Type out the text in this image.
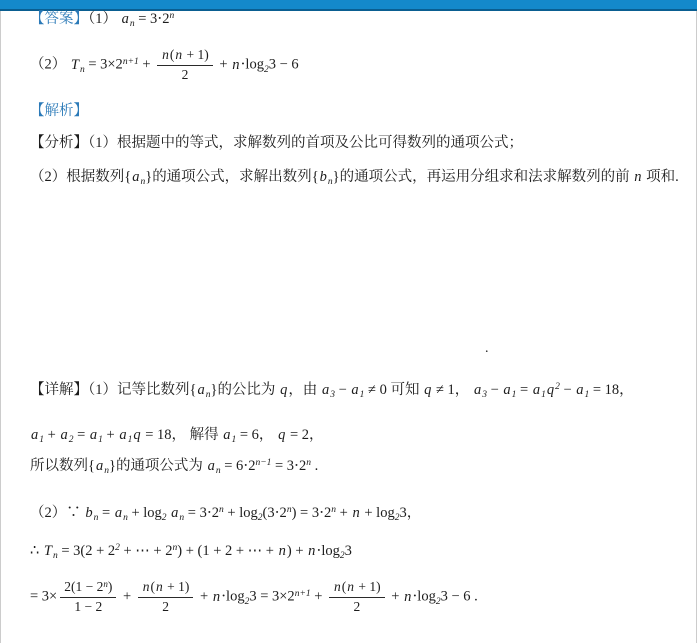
【答案】（1） $a_n = 3\cdot 2^n$
（2） $T_n = 3\times 2^{n+1} + \frac{n(n + 1)}{2} + n\cdot\log_23 - 6$
【解析】
【分析】（1）根据题中的等式，求解数列的首项及公比可得数列的通项公式；
（2）根据数列$\{a_n\}$的通项公式，求解出数列$\{b_n\}$的通项公式，再运用分组求和法求解数列的前 n 项和.
【详解】（1）记等比数列$\{a_n\}$的公比为 q，由 $a_3 - a_1 \ne 0$ 可知 q ≠ 1， $a_3 - a_1 = a_1q^2 - a_1 = 18$，
$a_1 + a_2 = a_1 + a_1q = 18$， 解得 $a_1 = 6$， q = 2，
所以数列$\{a_n\}$的通项公式为 $a_n = 6\cdot 2^{n-1} = 3\cdot 2^n$ .
（2）∵ $b_n = a_n + \log_2 a_n = 3\cdot 2^n + \log_2(3\cdot 2^n) = 3\cdot 2^n + n + \log_23$，
∴ $T_n = 3(2 + 2^2$ + ⋯ + $2^n) + (1 + 2$ + ⋯ + $n) + n\cdot\log_23$
= $3\times \frac{2(1 - 2^n)}{1 - 2} + \frac{n(n + 1)}{2} + n\cdot\log_23 = 3\times 2^{n+1} + \frac{n(n + 1)}{2} + n\cdot\log_23 - 6$ .
.
